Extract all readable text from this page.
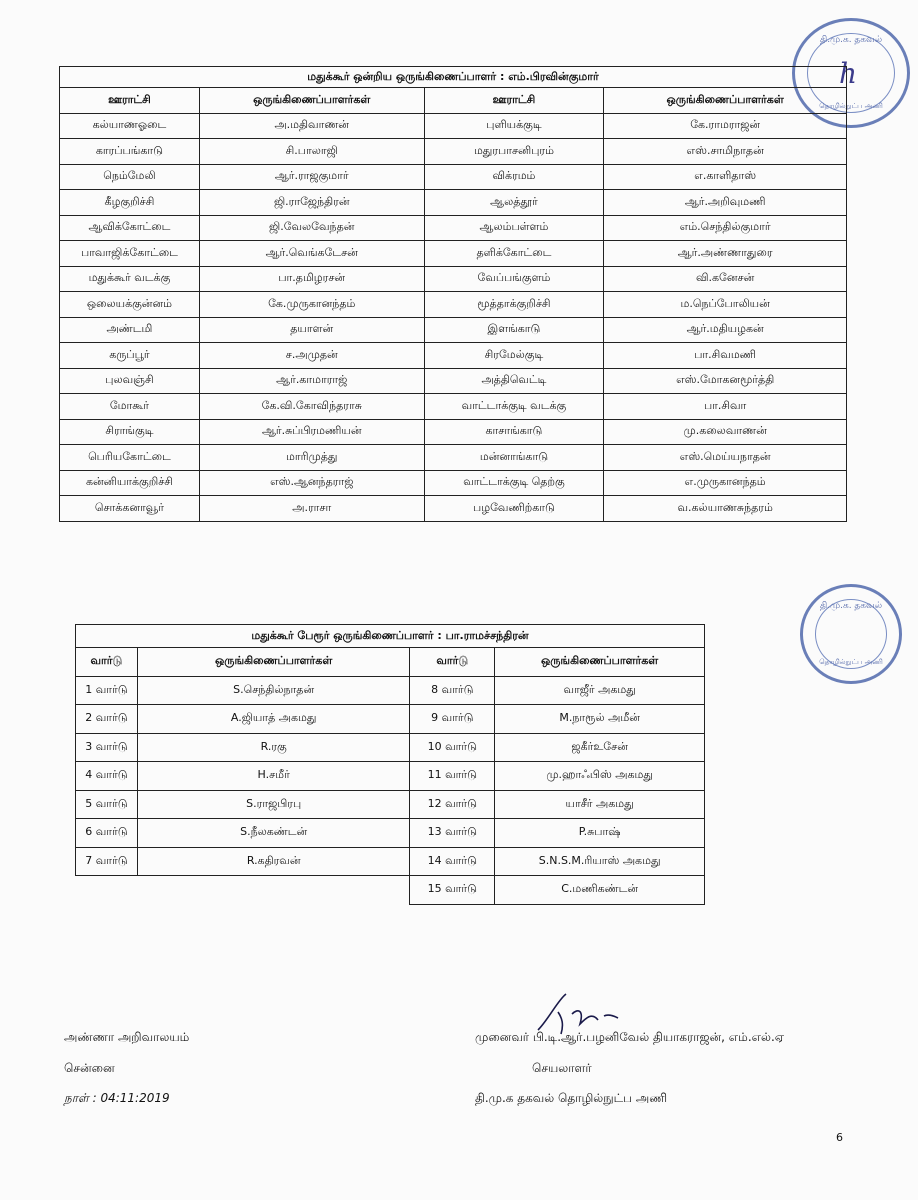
தி.மு.க. தகவல்
h
தொழில்நுட்ப அணி
மதுக்கூர் ஒன்றிய ஒருங்கிணைப்பாளர் : எம்.பிரவின்குமார்			
ஊராட்சி	ஒருங்கிணைப்பாளர்கள்	ஊராட்சி	ஒருங்கிணைப்பாளர்கள்
கல்யாணஓடை	அ.மதிவாணன்	புளியக்குடி	கே.ராமராஜன்
காரப்பங்காடு	சி.பாலாஜி	மதுரபாசனிபுரம்	எஸ்.சாமிநாதன்
நெம்மேலி	ஆர்.ராஜகுமார்	விக்ரமம்	எ.காளிதாஸ்
கீழகுறிச்சி	ஜி.ராஜேந்திரன்	ஆலத்தூர்	ஆர்.அறிவுமணி
ஆவிக்கோட்டை	ஜி.வேலவேந்தன்	ஆலம்பள்ளம்	எம்.செந்தில்குமார்
பாவாஜிக்கோட்டை	ஆர்.வெங்கடேசன்	தளிக்கோட்டை	ஆர்.அண்ணாதுரை
மதுக்கூர் வடக்கு	பா.தமிழரசன்	வேப்பங்குளம்	வி.கனேசன்
ஒலையக்குன்னம்	கே.முருகானந்தம்	மூத்தாக்குறிச்சி	ம.நெப்போலியன்
அண்டமி	தயாளன்	இளங்காடு	ஆர்.மதியழகன்
கருப்பூர்	ச.அமுதன்	சிரமேல்குடி	பா.சிவமணி
புலவஞ்சி	ஆர்.காமாராஜ்	அத்திவெட்டி	எஸ்.மோகனமூர்த்தி
மோகூர்	கே.வி.கோவிந்தராசு	வாட்டாக்குடி வடக்கு	பா.சிவா
சிராங்குடி	ஆர்.சுப்பிரமணியன்	காசாங்காடு	மு.கலைவாணன்
பெரியகோட்டை	மாரிமுத்து	மன்னாங்காடு	எஸ்.மெய்யநாதன்
கன்னியாக்குறிச்சி	எஸ்.ஆனந்தராஜ்	வாட்டாக்குடி தெற்கு	எ.முருகானந்தம்
சொக்கனாவூர்	அ.ராசா	பழவேணிற்காடு	வ.கல்யாணசுந்தரம்
தி.மு.க. தகவல்
தொழில்நுட்ப அணி
மதுக்கூர் பேரூர் ஒருங்கிணைப்பாளர் : பா.ராமச்சந்திரன்			
வார்டு	ஒருங்கிணைப்பாளர்கள்	வார்டு	ஒருங்கிணைப்பாளர்கள்
1 வார்டு	S.செந்தில்நாதன்	8 வார்டு	வாஜீர் அகமது
2 வார்டு	A.ஜியாத் அகமது	9 வார்டு	M.நாரூல் அமீன்
3 வார்டு	R.ரகு	10 வார்டு	ஜகீர்உசேன்
4 வார்டு	H.சமீர்	11 வார்டு	மு.ஹாஃபிஸ் அகமது
5 வார்டு	S.ராஜபிரபு	12 வார்டு	யாசீர் அகமது
6 வார்டு	S.நீலகண்டன்	13 வார்டு	P.சுபாஷ்
7 வார்டு	R.கதிரவன்	14 வார்டு	S.N.S.M.ரியாஸ் அகமது
		15 வார்டு	C.மணிகண்டன்
அண்ணா அறிவாலயம்
சென்னை
நாள் : 04:11:2019
முனைவர் பி.டி.ஆர்.பழனிவேல் தியாகராஜன், எம்.எல்.ஏ
செயலாளர்
தி.மு.க தகவல் தொழில்நுட்ப அணி
6
